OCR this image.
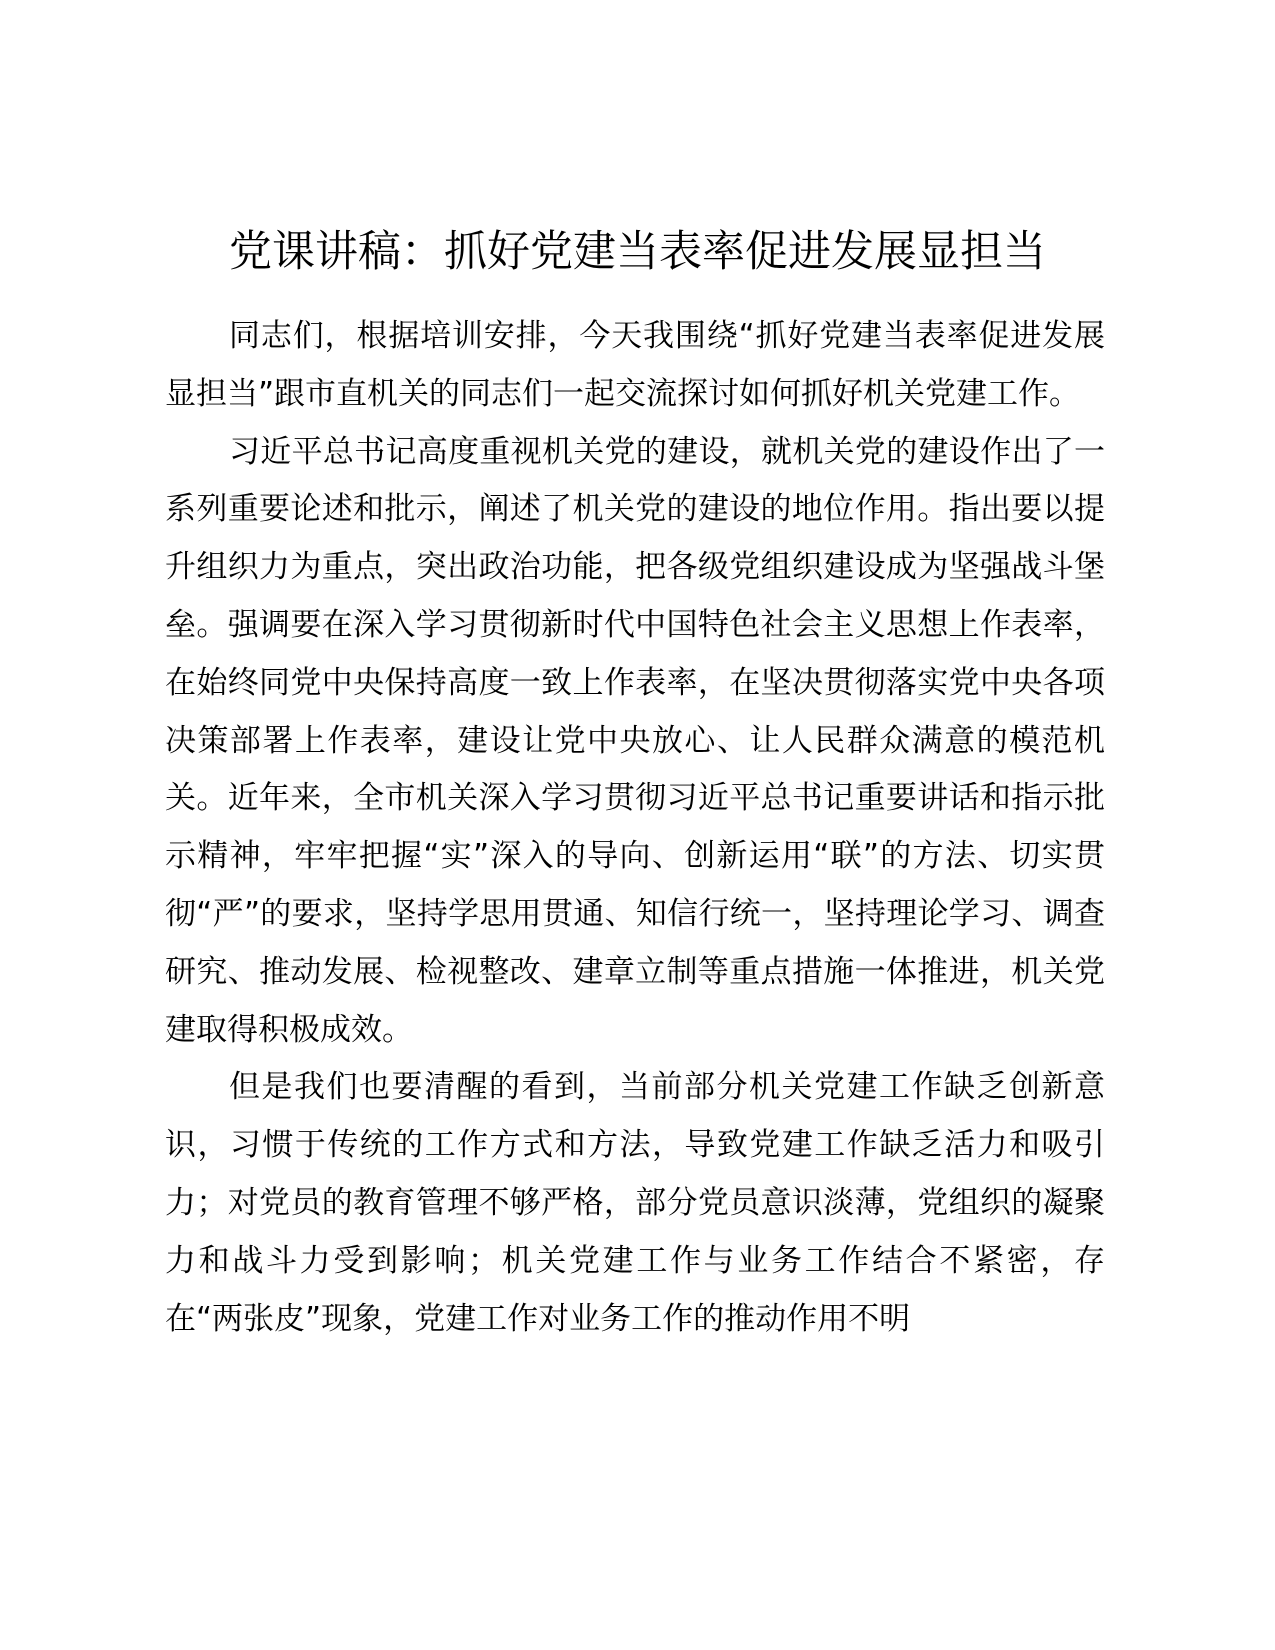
党课讲稿：抓好党建当表率促进发展显担当

同志们，根据培训安排，今天我围绕“抓好党建当表率促进发展显担当”跟市直机关的同志们一起交流探讨如何抓好机关党建工作。

习近平总书记高度重视机关党的建设，就机关党的建设作出了一系列重要论述和批示，阐述了机关党的建设的地位作用。指出要以提升组织力为重点，突出政治功能，把各级党组织建设成为坚强战斗堡垒。强调要在深入学习贯彻新时代中国特色社会主义思想上作表率，在始终同党中央保持高度一致上作表率，在坚决贯彻落实党中央各项决策部署上作表率，建设让党中央放心、让人民群众满意的模范机关。近年来，全市机关深入学习贯彻习近平总书记重要讲话和指示批示精神，牢牢把握“实”深入的导向、创新运用“联”的方法、切实贯彻“严”的要求，坚持学思用贯通、知信行统一，坚持理论学习、调查研究、推动发展、检视整改、建章立制等重点措施一体推进，机关党建取得积极成效。

但是我们也要清醒的看到，当前部分机关党建工作缺乏创新意识，习惯于传统的工作方式和方法，导致党建工作缺乏活力和吸引力；对党员的教育管理不够严格，部分党员意识淡薄，党组织的凝聚力和战斗力受到影响；机关党建工作与业务工作结合不紧密，存在“两张皮”现象，党建工作对业务工作的推动作用不明
